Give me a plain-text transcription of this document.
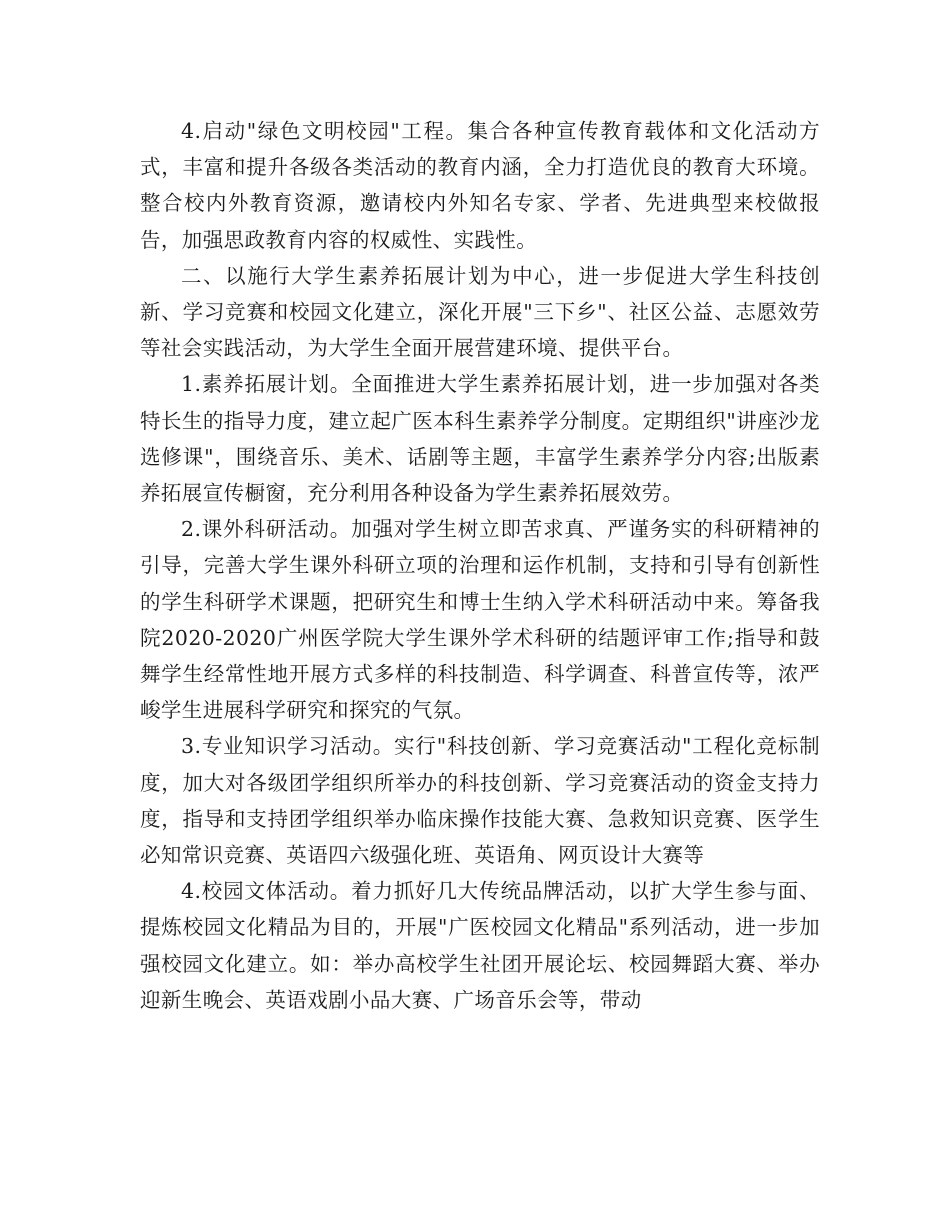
4.启动"绿色文明校园"工程。集合各种宣传教育载体和文化活动方式，丰富和提升各级各类活动的教育内涵，全力打造优良的教育大环境。整合校内外教育资源，邀请校内外知名专家、学者、先进典型来校做报告，加强思政教育内容的权威性、实践性。

二、以施行大学生素养拓展计划为中心，进一步促进大学生科技创新、学习竞赛和校园文化建立，深化开展"三下乡"、社区公益、志愿效劳等社会实践活动，为大学生全面开展营建环境、提供平台。

1.素养拓展计划。全面推进大学生素养拓展计划，进一步加强对各类特长生的指导力度，建立起广医本科生素养学分制度。定期组织"讲座沙龙选修课"，围绕音乐、美术、话剧等主题，丰富学生素养学分内容;出版素养拓展宣传橱窗，充分利用各种设备为学生素养拓展效劳。

2.课外科研活动。加强对学生树立即苦求真、严谨务实的科研精神的引导，完善大学生课外科研立项的治理和运作机制，支持和引导有创新性的学生科研学术课题，把研究生和博士生纳入学术科研活动中来。筹备我院2020-2020广州医学院大学生课外学术科研的结题评审工作;指导和鼓舞学生经常性地开展方式多样的科技制造、科学调查、科普宣传等，浓严峻学生进展科学研究和探究的气氛。

3.专业知识学习活动。实行"科技创新、学习竞赛活动"工程化竞标制度，加大对各级团学组织所举办的科技创新、学习竞赛活动的资金支持力度，指导和支持团学组织举办临床操作技能大赛、急救知识竞赛、医学生必知常识竞赛、英语四六级强化班、英语角、网页设计大赛等

4.校园文体活动。着力抓好几大传统品牌活动，以扩大学生参与面、提炼校园文化精品为目的，开展"广医校园文化精品"系列活动，进一步加强校园文化建立。如：举办高校学生社团开展论坛、校园舞蹈大赛、举办迎新生晚会、英语戏剧小品大赛、广场音乐会等，带动
